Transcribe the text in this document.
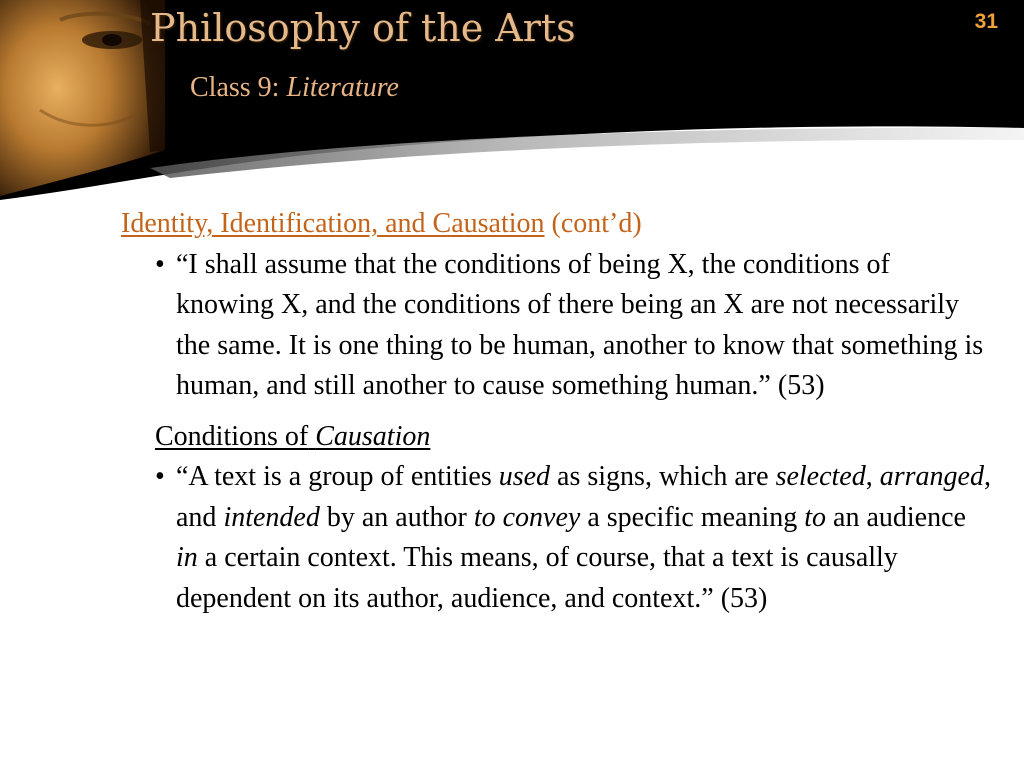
Philosophy of the Arts
Class 9: Literature
31
Identity, Identification, and Causation (cont’d)
• “I shall assume that the conditions of being X, the conditions of knowing X, and the conditions of there being an X are not necessarily the same. It is one thing to be human, another to know that something is human, and still another to cause something human.” (53)
Conditions of Causation
• “A text is a group of entities used as signs, which are selected, arranged, and intended by an author to convey a specific meaning to an audience in a certain context. This means, of course, that a text is causally dependent on its author, audience, and context.” (53)
